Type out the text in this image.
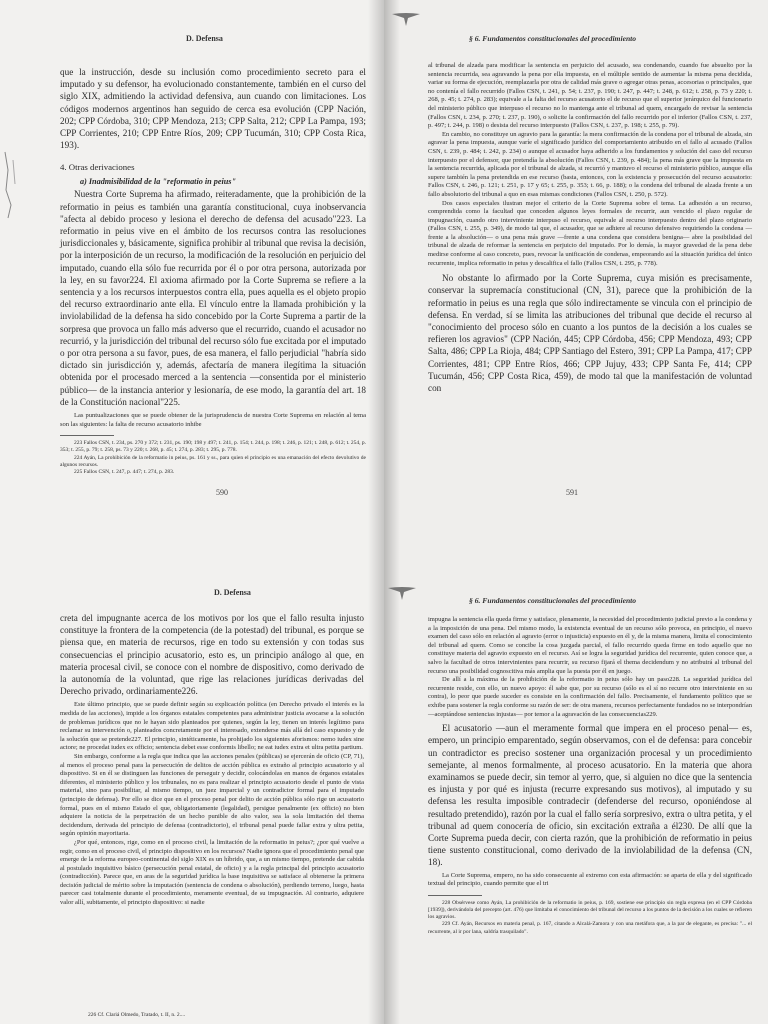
D. Defensa

que la instrucción, desde su inclusión como procedimiento secreto para el imputado y su defensor, ha evolucionado constantemente, también en el curso del siglo XIX, admitiendo la actividad defensiva, aun cuando con limitaciones. Los códigos modernos argentinos han seguido de cerca esa evolución (CPP Nación, 202; CPP Córdoba, 310; CPP Mendoza, 213; CPP Salta, 212; CPP La Pampa, 193; CPP Corrientes, 210; CPP Entre Ríos, 209; CPP Tucumán, 310; CPP Costa Rica, 193).

4. Otras derivaciones
a) Inadmisibilidad de la "reformatio in peius"

Nuestra Corte Suprema ha afirmado, reiteradamente, que la prohibición de la reformatio in peius es también una garantía constitucional, cuya inobservancia "afecta al debido proceso y lesiona el derecho de defensa del acusado"223. La reformatio in peius vive en el ámbito de los recursos contra las resoluciones jurisdiccionales y, básicamente, significa prohibir al tribunal que revisa la decisión, por la interposición de un recurso, la modificación de la resolución en perjuicio del imputado, cuando ella sólo fue recurrida por él o por otra persona, autorizada por la ley, en su favor224. El axioma afirmado por la Corte Suprema se refiere a la sentencia y a los recursos interpuestos contra ella, pues aquella es el objeto propio del recurso extraordinario ante ella. El vínculo entre la llamada prohibición y la inviolabilidad de la defensa ha sido concebido por la Corte Suprema a partir de la sorpresa que provoca un fallo más adverso que el recurrido, cuando el acusador no recurrió, y la jurisdicción del tribunal del recurso sólo fue excitada por el imputado o por otra persona a su favor, pues, de esa manera, el fallo perjudicial "habría sido dictado sin jurisdicción y, además, afectaría de manera ilegítima la situación obtenida por el procesado merced a la sentencia —consentida por el ministerio público— de la instancia anterior y lesionaría, de ese modo, la garantía del art. 18 de la Constitución nacional"225.

Las puntualizaciones que se puede obtener de la jurisprudencia de nuestra Corte Suprema en relación al tema son las siguientes: la falta de recurso acusatorio inhibe

223 Fallos CSN, t. 234, ps. 270 y 372; t. 231, ps. 190; 198 y 497; t. 241, p. 154; t. 244, p. 198; t. 246, p. 121; t. 248, p. 612; t. 254, p. 353; t. 255, p. 79; t. 258, ps. 73 y 220; t. 268, p. 45; t. 274, p. 283; t. 295, p. 778.

224 Ayán, La prohibición de la reformatio in peius, ps. 161 y ss., para quien el principio es una emanación del efecto devolutivo de algunos recursos.

225 Fallos CSN, t. 247, p. 447; t. 274, p. 283.

590
§ 6. Fundamentos constitucionales del procedimiento

al tribunal de alzada para modificar la sentencia en perjuicio del acusado, sea condenando, cuando fue absuelto por la sentencia recurrida, sea agravando la pena por ella impuesta, en el múltiple sentido de aumentar la misma pena decidida, variar su forma de ejecución, reemplazarla por otra de calidad más grave o agregar otras penas, accesorias o principales, que no contenía el fallo recurrido (Fallos CSN, t. 241, p. 54; t. 237, p. 190; t. 247, p. 447; t. 248, p. 612; t. 258, p. 73 y 220; t. 268, p. 45; t. 274, p. 283); equivale a la falta del recurso acusatorio el de recurso que el superior jerárquico del funcionario del ministerio público que interpuso el recurso no lo mantenga ante el tribunal ad quem, encargado de revisar la sentencia (Fallos CSN, t. 234, p. 270; t. 237, p. 190), o solicite la confirmación del fallo recurrido por el inferior (Fallos CSN, t. 237, p. 497; t. 244, p. 198) o desista del recurso interpuesto (Fallos CSN, t. 237, p. 198; t. 255, p. 79).

En cambio, no constituye un agravio para la garantía: la mera confirmación de la condena por el tribunal de alzada, sin agravar la pena impuesta, aunque varíe el significado jurídico del comportamiento atribuido en el fallo al acusado (Fallos CSN, t. 239, p. 484; t. 242, p. 234) o aunque el acusador haya adherido a los fundamentos y solución del caso del recurso interpuesto por el defensor, que pretendía la absolución (Fallos CSN, t. 239, p. 484); la pena más grave que la impuesta en la sentencia recurrida, aplicada por el tribunal de alzada, si recurrió y mantuvo el recurso el ministerio público, aunque ella supere también la pena pretendida en ese recurso (basta, entonces, con la existencia y prosecución del recurso acusatorio: Fallos CSN, t. 246, p. 121; t. 251, p. 17 y 65; t. 255, p. 353; t. 66, p. 188); o la condena del tribunal de alzada frente a un fallo absolutorio del tribunal a quo en esas mismas condiciones (Fallos CSN, t. 250, p. 572).

Dos casos especiales ilustran mejor el criterio de la Corte Suprema sobre el tema. La adhesión a un recurso, comprendida como la facultad que conceden algunos leyes formales de recurrir, aun vencido el plazo regular de impugnación, cuando otro interviniente interpuso el recurso, equivale al recurso interpuesto dentro del plazo originario (Fallos CSN, t. 255, p. 349), de modo tal que, el acusador, que se adhiere al recurso defensivo requiriendo la condena —frente a la absolución— o una pena más grave —frente a una condena que considera benigna— abre la posibilidad del tribunal de alzada de reformar la sentencia en perjuicio del imputado. Por lo demás, la mayor gravedad de la pena debe medirse conforme al caso concreto, pues, revocar la unificación de condenas, empeorando así la situación jurídica del único recurrente, implica reformatio in peius y descalifica el fallo (Fallos CSN, t. 295, p. 778).

No obstante lo afirmado por la Corte Suprema, cuya misión es precisamente, conservar la supremacía constitucional (CN, 31), parece que la prohibición de la reformatio in peius es una regla que sólo indirectamente se vincula con el principio de defensa. En verdad, sí se limita las atribuciones del tribunal que decide el recurso al "conocimiento del proceso sólo en cuanto a los puntos de la decisión a los cuales se refieren los agravios" (CPP Nación, 445; CPP Córdoba, 456; CPP Mendoza, 493; CPP Salta, 486; CPP La Rioja, 484; CPP Santiago del Estero, 391; CPP La Pampa, 417; CPP Corrientes, 481; CPP Entre Ríos, 466; CPP Jujuy, 433; CPP Santa Fe, 414; CPP Tucumán, 456; CPP Costa Rica, 459), de modo tal que la manifestación de voluntad con

591
D. Defensa

creta del impugnante acerca de los motivos por los que el fallo resulta injusto constituye la frontera de la competencia (de la potestad) del tribunal, es porque se piensa que, en materia de recursos, rige en todo su extensión y con todas sus consecuencias el principio acusatorio, esto es, un principio análogo al que, en materia procesal civil, se conoce con el nombre de dispositivo, como derivado de la autonomía de la voluntad, que rige las relaciones jurídicas derivadas del Derecho privado, ordinariamente226.

Este último principio, que se puede definir según su explicación política (en Derecho privado el interés es la medida de las acciones), impide a los órganos estatales competentes para administrar justicia avocarse a la solución de problemas jurídicos que no le hayan sido planteados por quienes, según la ley, tienen un interés legítimo para reclamar su intervención o, planteados concretamente por el interesado, extenderse más allá del caso expuesto y de la solución que se pretende227. El principio, sintéticamente, ha prohijado los siguientes aforismos: nemo iudex sine actore; ne procedat iudex ex officio; sentencia debet esse conformis libello; ne eat iudex extra et ultra petita partium.

Sin embargo, conforme a la regla que indica que las acciones penales (públicas) se ejercerán de oficio (CP, 71), al menos el proceso penal para la persecución de delitos de acción pública es extraño al principio acusatorio y al dispositivo. Si en él se distinguen las funciones de perseguir y decidir, colocándolas en manos de órganos estatales diferentes, el ministerio público y los tribunales, no es para realizar el principio acusatorio desde el punto de vista material, sino para posibilitar, al mismo tiempo, un juez imparcial y un contradictor formal para el imputado (principio de defensa). Por ello se dice que en el proceso penal por delito de acción pública sólo rige un acusatorio formal, pues en el mismo Estado el que, obligatoriamente (legalidad), persigue penalmente (ex officio) no bien adquiere la noticia de la perpetración de un hecho punible de alto valor, sea la sola limitación del thema decidendum, derivada del principio de defensa (contradictorio), el tribunal penal puede fallar extra y ultra petita, según opinión mayoritaria.

¿Por qué, entonces, rige, como en el proceso civil, la limitación de la reformatio in peius?; ¿por qué vuelve a regir, como en el proceso civil, el principio dispositivo en los recursos? Nadie ignora que el procedimiento penal que emerge de la reforma europeo-continental del siglo XIX es un híbrido, que, a un mismo tiempo, pretende dar cabida al postulado inquisitivo básico (persecución penal estatal, de oficio) y a la regla principal del principio acusatorio (contradicción). Parece que, en aras de la seguridad jurídica la base inquisitiva se satisface al obtenerse la primera decisión judicial de mérito sobre la imputación (sentencia de condena o absolución), perdiendo terreno, luego, hasta parecer casi totalmente durante el procedimiento, meramente eventual, de su impugnación. Al contrario, adquiere valor allí, subitamente, el principio dispositivo: si nadie

226 Cf. Clariá Olmedo, Tratado, t. II, n. 2....
§ 6. Fundamentos constitucionales del procedimiento

impugna la sentencia ella queda firme y satisface, plenamente, la necesidad del procedimiento judicial previo a la condena y a la imposición de una pena. Del mismo modo, la existencia eventual de un recurso sólo provoca, en principio, el nuevo examen del caso sólo en relación al agravio (error o injusticia) expuesto en él y, de la misma manera, limita el conocimiento del tribunal ad quem. Como se concibe la cosa juzgada parcial, el fallo recurrido queda firme en todo aquello que no constituye materia del agravio expuesto en el recurso. Así se logra la seguridad jurídica del recurrente, quien conoce que, a salvo la facultad de otros intervinientes para recurrir, su recurso fijará el thema decidendum y no atribuirá al tribunal del recurso una posibilidad cognoscitiva más amplia que la puesta por él en juego.

De allí a la máxima de la prohibición de la reformatio in peius sólo hay un paso228. La seguridad jurídica del recurrente reside, con ello, un nuevo apoyo: él sabe que, por su recurso (sólo es el sí no recurre otro interviniente en su contra), lo peor que puede suceder es consiste en la confirmación del fallo. Precisamente, el fundamento político que se exhibe para sostener la regla conforme su razón de ser: de otra manera, recursos perfectamente fundados no se interpondrían —aceptándose sentencias injustas— por temor a la agravación de las consecuencias229.

El acusatorio —aun el meramente formal que impera en el proceso penal— es, empero, un principio emparentado, según observamos, con el de defensa: para concebir un contradictor es preciso sostener una organización procesal y un procedimiento semejante, al menos formalmente, al proceso acusatorio. En la materia que ahora examinamos se puede decir, sin temor al yerro, que, si alguien no dice que la sentencia es injusta y por qué es injusta (recurre expresando sus motivos), al imputado y su defensa les resulta imposible contradecir (defenderse del recurso, oponiéndose al resultado pretendido), razón por la cual el fallo sería sorpresivo, extra o ultra petita, y el tribunal ad quem conocería de oficio, sin excitación extraña a él230. De allí que la Corte Suprema pueda decir, con cierta razón, que la prohibición de reformatio in peius tiene sustento constitucional, como derivado de la inviolabilidad de la defensa (CN, 18).

La Corte Suprema, empero, no ha sido consecuente al extremo con esta afirmación: se aparta de ella y del significado textual del principio, cuando permite que el tri

228 Obsérvese como Ayán, La prohibición de la reformatio in peius, p. 169, sostiene ese principio sin regla expresa (en el CPP Córdoba [1939]), derivándola del precepto (art. 476) que limitaba el conocimiento del tribunal del recurso a los puntos de la decisión a los cuales se refieren los agravios.

229 Cf. Ayán, Recursos en materia penal, p. 167, citando a Alcalá-Zamora y con una metáfora que, a la par de elegante, es precisa: "... el recurrente, al ir por lana, saldría trasquilado".
